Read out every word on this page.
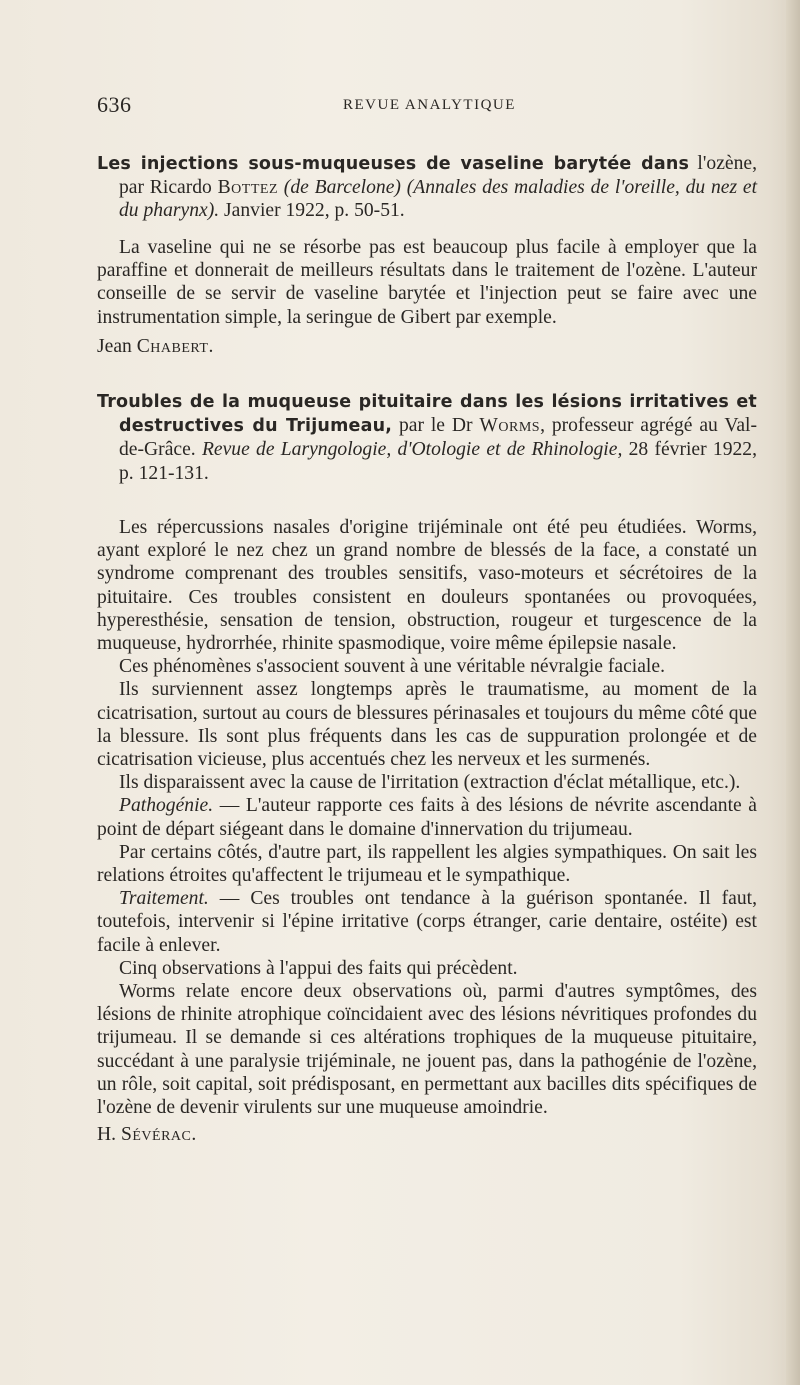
636	REVUE ANALYTIQUE

Les injections sous-muqueuses de vaseline barytée dans l'ozène, par Ricardo Bottez (de Barcelone) (Annales des maladies de l'oreille, du nez et du pharynx). Janvier 1922, p. 50-51.

La vaseline qui ne se résorbe pas est beaucoup plus facile à employer que la paraffine et donnerait de meilleurs résultats dans le traitement de l'ozène. L'auteur conseille de se servir de vaseline barytée et l'injection peut se faire avec une instrumentation simple, la seringue de Gibert par exemple.

Jean Chabert.

Troubles de la muqueuse pituitaire dans les lésions irritatives et destructives du Trijumeau, par le Dr Worms, professeur agrégé au Val-de-Grâce. Revue de Laryngologie, d'Otologie et de Rhinologie, 28 février 1922, p. 121-131.

Les répercussions nasales d'origine trijéminale ont été peu étudiées. Worms, ayant exploré le nez chez un grand nombre de blessés de la face, a constaté un syndrome comprenant des troubles sensitifs, vaso-moteurs et sécrétoires de la pituitaire. Ces troubles consistent en douleurs spontanées ou provoquées, hyperesthésie, sensation de tension, obstruction, rougeur et turgescence de la muqueuse, hydrorrhée, rhinite spasmodique, voire même épilepsie nasale.

Ces phénomènes s'associent souvent à une véritable névralgie faciale.

Ils surviennent assez longtemps après le traumatisme, au moment de la cicatrisation, surtout au cours de blessures périnasales et toujours du même côté que la blessure. Ils sont plus fréquents dans les cas de suppuration prolongée et de cicatrisation vicieuse, plus accentués chez les nerveux et les surmenés.

Ils disparaissent avec la cause de l'irritation (extraction d'éclat métallique, etc.).

Pathogénie. — L'auteur rapporte ces faits à des lésions de névrite ascendante à point de départ siégeant dans le domaine d'innervation du trijumeau.

Par certains côtés, d'autre part, ils rappellent les algies sympathiques. On sait les relations étroites qu'affectent le trijumeau et le sympathique.

Traitement. — Ces troubles ont tendance à la guérison spontanée. Il faut, toutefois, intervenir si l'épine irritative (corps étranger, carie dentaire, ostéite) est facile à enlever.

Cinq observations à l'appui des faits qui précèdent.

Worms relate encore deux observations où, parmi d'autres symptômes, des lésions de rhinite atrophique coïncidaient avec des lésions névritiques profondes du trijumeau. Il se demande si ces altérations trophiques de la muqueuse pituitaire, succédant à une paralysie trijéminale, ne jouent pas, dans la pathogénie de l'ozène, un rôle, soit capital, soit prédisposant, en permettant aux bacilles dits spécifiques de l'ozène de devenir virulents sur une muqueuse amoindrie.

H. Sévérac.
